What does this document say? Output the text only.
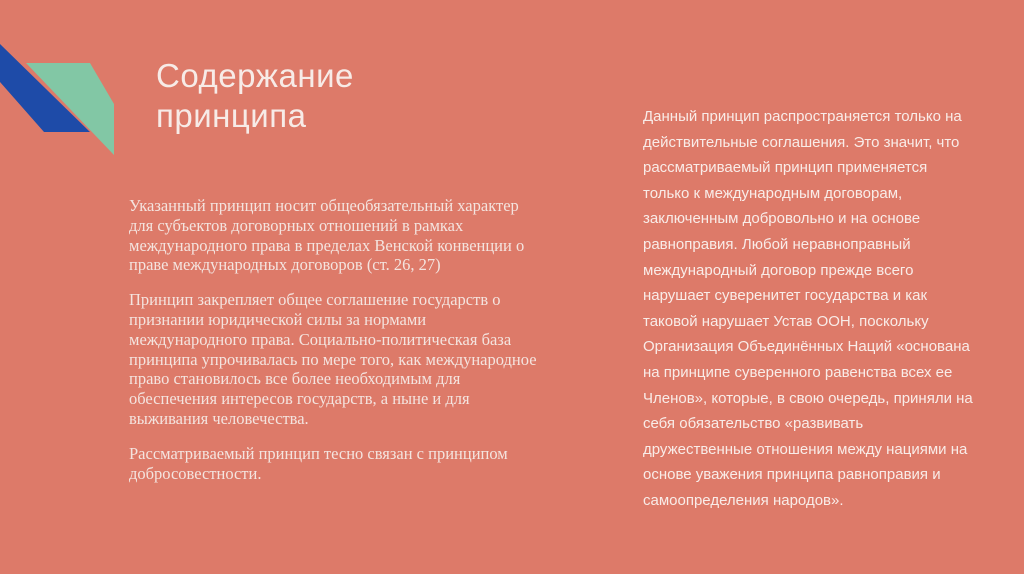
Содержание
принципа

Указанный принцип носит общеобязательный характер для субъектов договорных отношений в рамках международного права в пределах Венской конвенции о праве международных договоров (ст. 26, 27)

Принцип закрепляет общее соглашение государств о признании юридической силы за нормами международного права. Социально-политическая база принципа упрочивалась по мере того, как международное право становилось все более необходимым для обеспечения интересов государств, а ныне и для выживания человечества.

Рассматриваемый принцип тесно связан с принципом добросовестности.

Данный принцип распространяется только на действительные соглашения. Это значит, что рассматриваемый принцип применяется только к международным договорам, заключенным добровольно и на основе равноправия. Любой неравноправный международный договор прежде всего нарушает суверенитет государства и как таковой нарушает Устав ООН, поскольку Организация Объединённых Наций «основана на принципе суверенного равенства всех ее Членов», которые, в свою очередь, приняли на себя обязательство «развивать дружественные отношения между нациями на основе уважения принципа равноправия и самоопределения народов».
